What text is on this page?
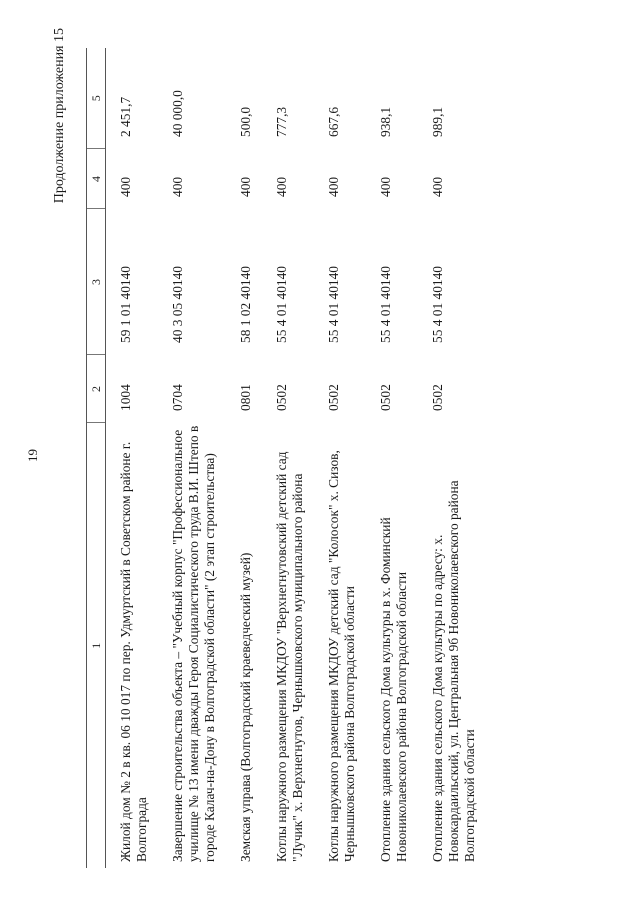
19
Продолжение приложения 15
1	2	3	4	5

Жилой дом № 2 в кв. 06 10 017 по пер. Удмуртский в Советском районе г. Волгограда	1004	59 1 01 40140	400	2 451,7

Завершение строительства объекта – "Учебный корпус "Профессиональное училище № 13 имени дважды Героя Социалистического труда В.И. Штепо в городе Калач-на-Дону в Волгоградской области" (2 этап строительства)	0704	40 3 05 40140	400	40 000,0

Земская управа (Волгоградский краеведческий музей)	0801	58 1 02 40140	400	500,0

Котлы наружного размещения МКДОУ "Верхнегнутовский детский сад "Лучик" х. Верхнегнутов, Чернышковского муниципального района	0502	55 4 01 40140	400	777,3

Котлы наружного размещения МКДОУ детский сад "Колосок" х. Сизов, Чернышковского района Волгоградской области	0502	55 4 01 40140	400	667,6

Отопление здания сельского Дома культуры в х. Фоминский Новониколаевского района Волгоградской области	0502	55 4 01 40140	400	938,1

Отопление здания сельского Дома культуры по адресу: х. Новокардаильский, ул. Центральная 9б Новониколаевского района Волгоградской области	0502	55 4 01 40140	400	989,1
